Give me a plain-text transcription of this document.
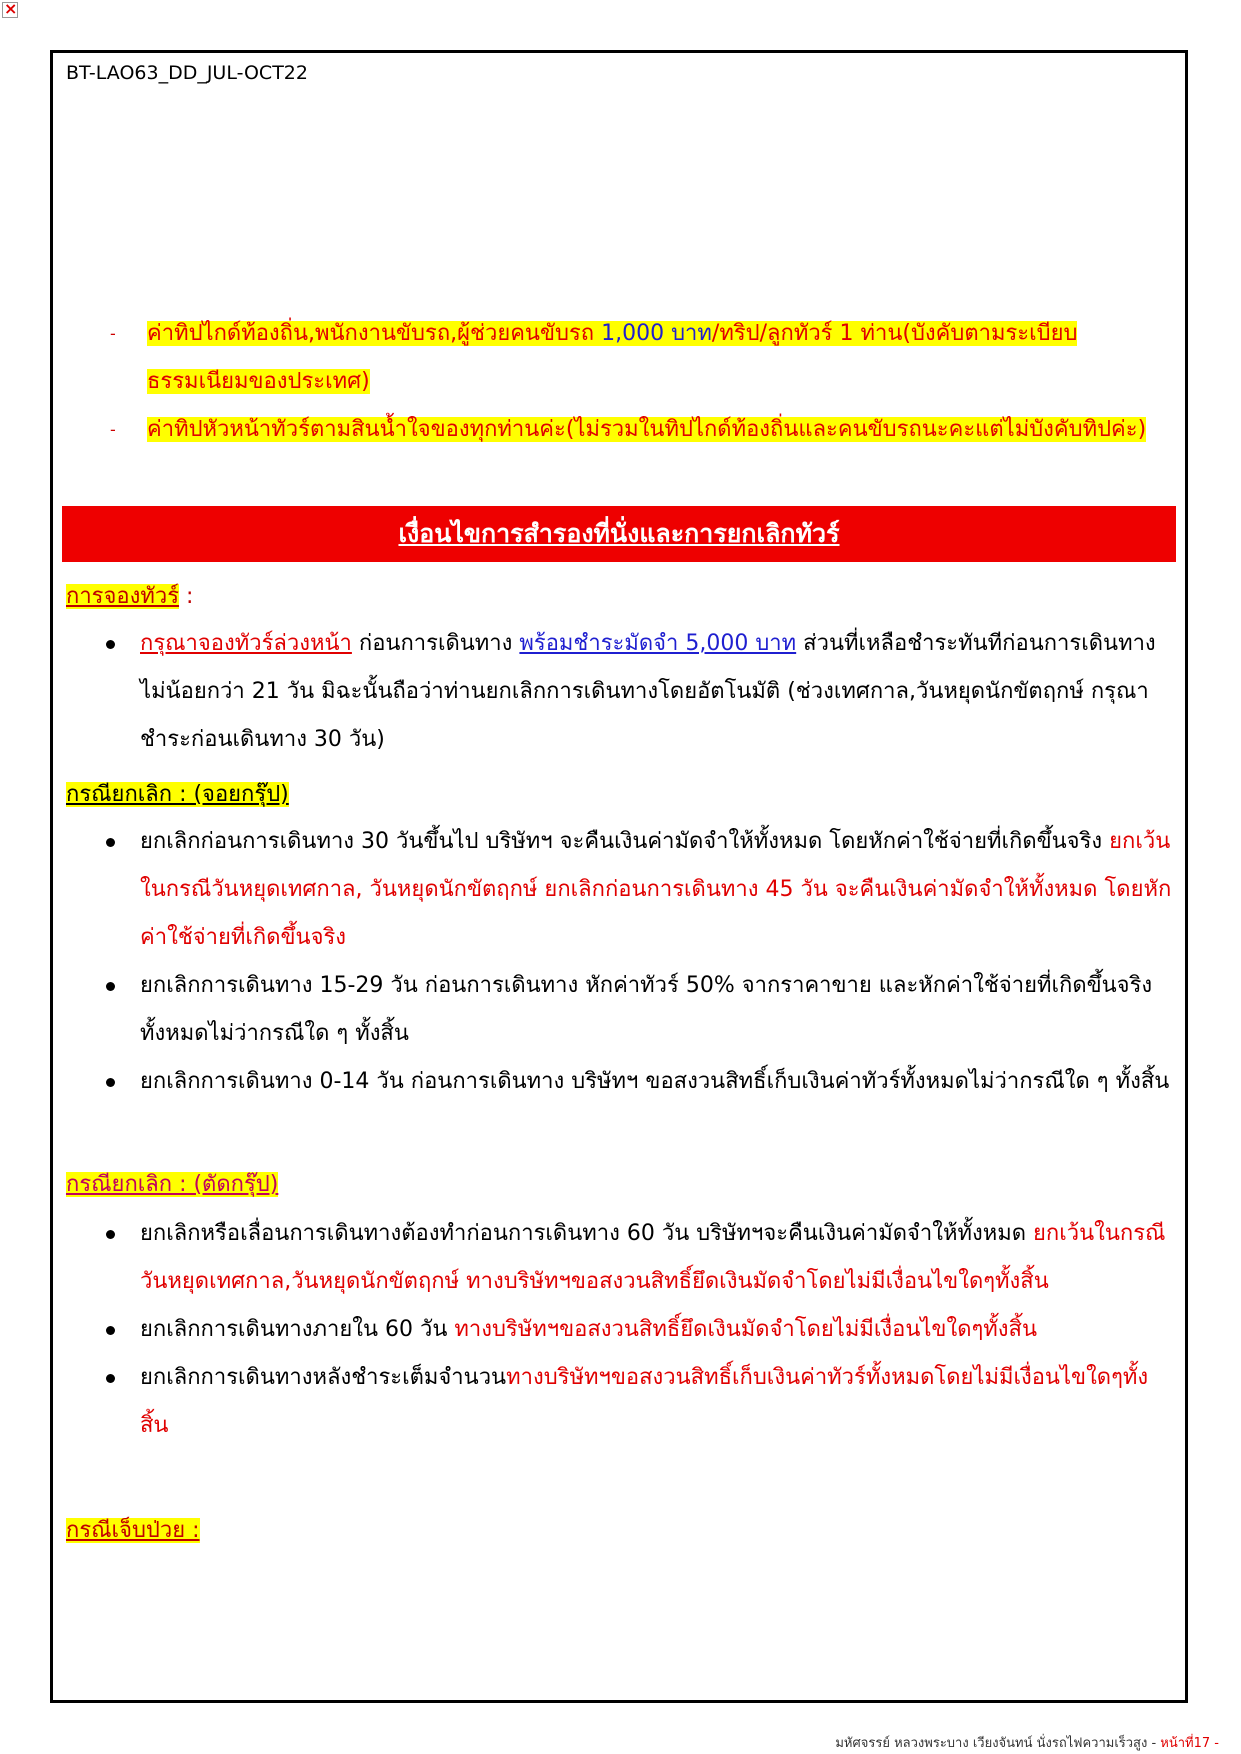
×
BT-LAO63_DD_JUL-OCT22

- ค่าทิปไกด์ท้องถิ่น,พนักงานขับรถ,ผู้ช่วยคนขับรถ 1,000 บาท/ทริป/ลูกทัวร์ 1 ท่าน(บังคับตามระเบียบธรรมเนียมของประเทศ)

- ค่าทิปหัวหน้าทัวร์ตามสินน้ำใจของทุกท่านค่ะ(ไม่รวมในทิปไกด์ท้องถิ่นและคนขับรถนะคะแต่ไม่บังคับทิปค่ะ)

เงื่อนไขการสำรองที่นั่งและการยกเลิกทัวร์
การจองทัวร์ :
กรุณาจองทัวร์ล่วงหน้า ก่อนการเดินทาง พร้อมชำระมัดจำ 5,000 บาท ส่วนที่เหลือชำระทันทีก่อนการเดินทางไม่น้อยกว่า 21 วัน มิฉะนั้นถือว่าท่านยกเลิกการเดินทางโดยอัตโนมัติ (ช่วงเทศกาล,วันหยุดนักขัตฤกษ์ กรุณาชำระก่อนเดินทาง 30 วัน)
กรณียกเลิก : (จอยกรุ๊ป)
ยกเลิกก่อนการเดินทาง 30 วันขึ้นไป บริษัทฯ จะคืนเงินค่ามัดจำให้ทั้งหมด โดยหักค่าใช้จ่ายที่เกิดขึ้นจริง ยกเว้นในกรณีวันหยุดเทศกาล, วันหยุดนักขัตฤกษ์ ยกเลิกก่อนการเดินทาง 45 วัน จะคืนเงินค่ามัดจำให้ทั้งหมด โดยหักค่าใช้จ่ายที่เกิดขึ้นจริง
ยกเลิกการเดินทาง 15-29 วัน ก่อนการเดินทาง หักค่าทัวร์ 50% จากราคาขาย และหักค่าใช้จ่ายที่เกิดขึ้นจริงทั้งหมดไม่ว่ากรณีใด ๆ ทั้งสิ้น
ยกเลิกการเดินทาง 0-14 วัน ก่อนการเดินทาง บริษัทฯ ขอสงวนสิทธิ์เก็บเงินค่าทัวร์ทั้งหมดไม่ว่ากรณีใด ๆ ทั้งสิ้น
กรณียกเลิก : (ตัดกรุ๊ป)
ยกเลิกหรือเลื่อนการเดินทางต้องทำก่อนการเดินทาง 60 วัน บริษัทฯจะคืนเงินค่ามัดจำให้ทั้งหมด ยกเว้นในกรณีวันหยุดเทศกาล,วันหยุดนักขัตฤกษ์ ทางบริษัทฯขอสงวนสิทธิ์ยึดเงินมัดจำโดยไม่มีเงื่อนไขใดๆทั้งสิ้น
ยกเลิกการเดินทางภายใน 60 วัน ทางบริษัทฯขอสงวนสิทธิ์ยึดเงินมัดจำโดยไม่มีเงื่อนไขใดๆทั้งสิ้น
ยกเลิกการเดินทางหลังชำระเต็มจำนวนทางบริษัทฯขอสงวนสิทธิ์เก็บเงินค่าทัวร์ทั้งหมดโดยไม่มีเงื่อนไขใดๆทั้งสิ้น
กรณีเจ็บป่วย :
มหัศจรรย์ หลวงพระบาง เวียงจันทน์ นั่งรถไฟความเร็วสูง - หน้าที่17 -
